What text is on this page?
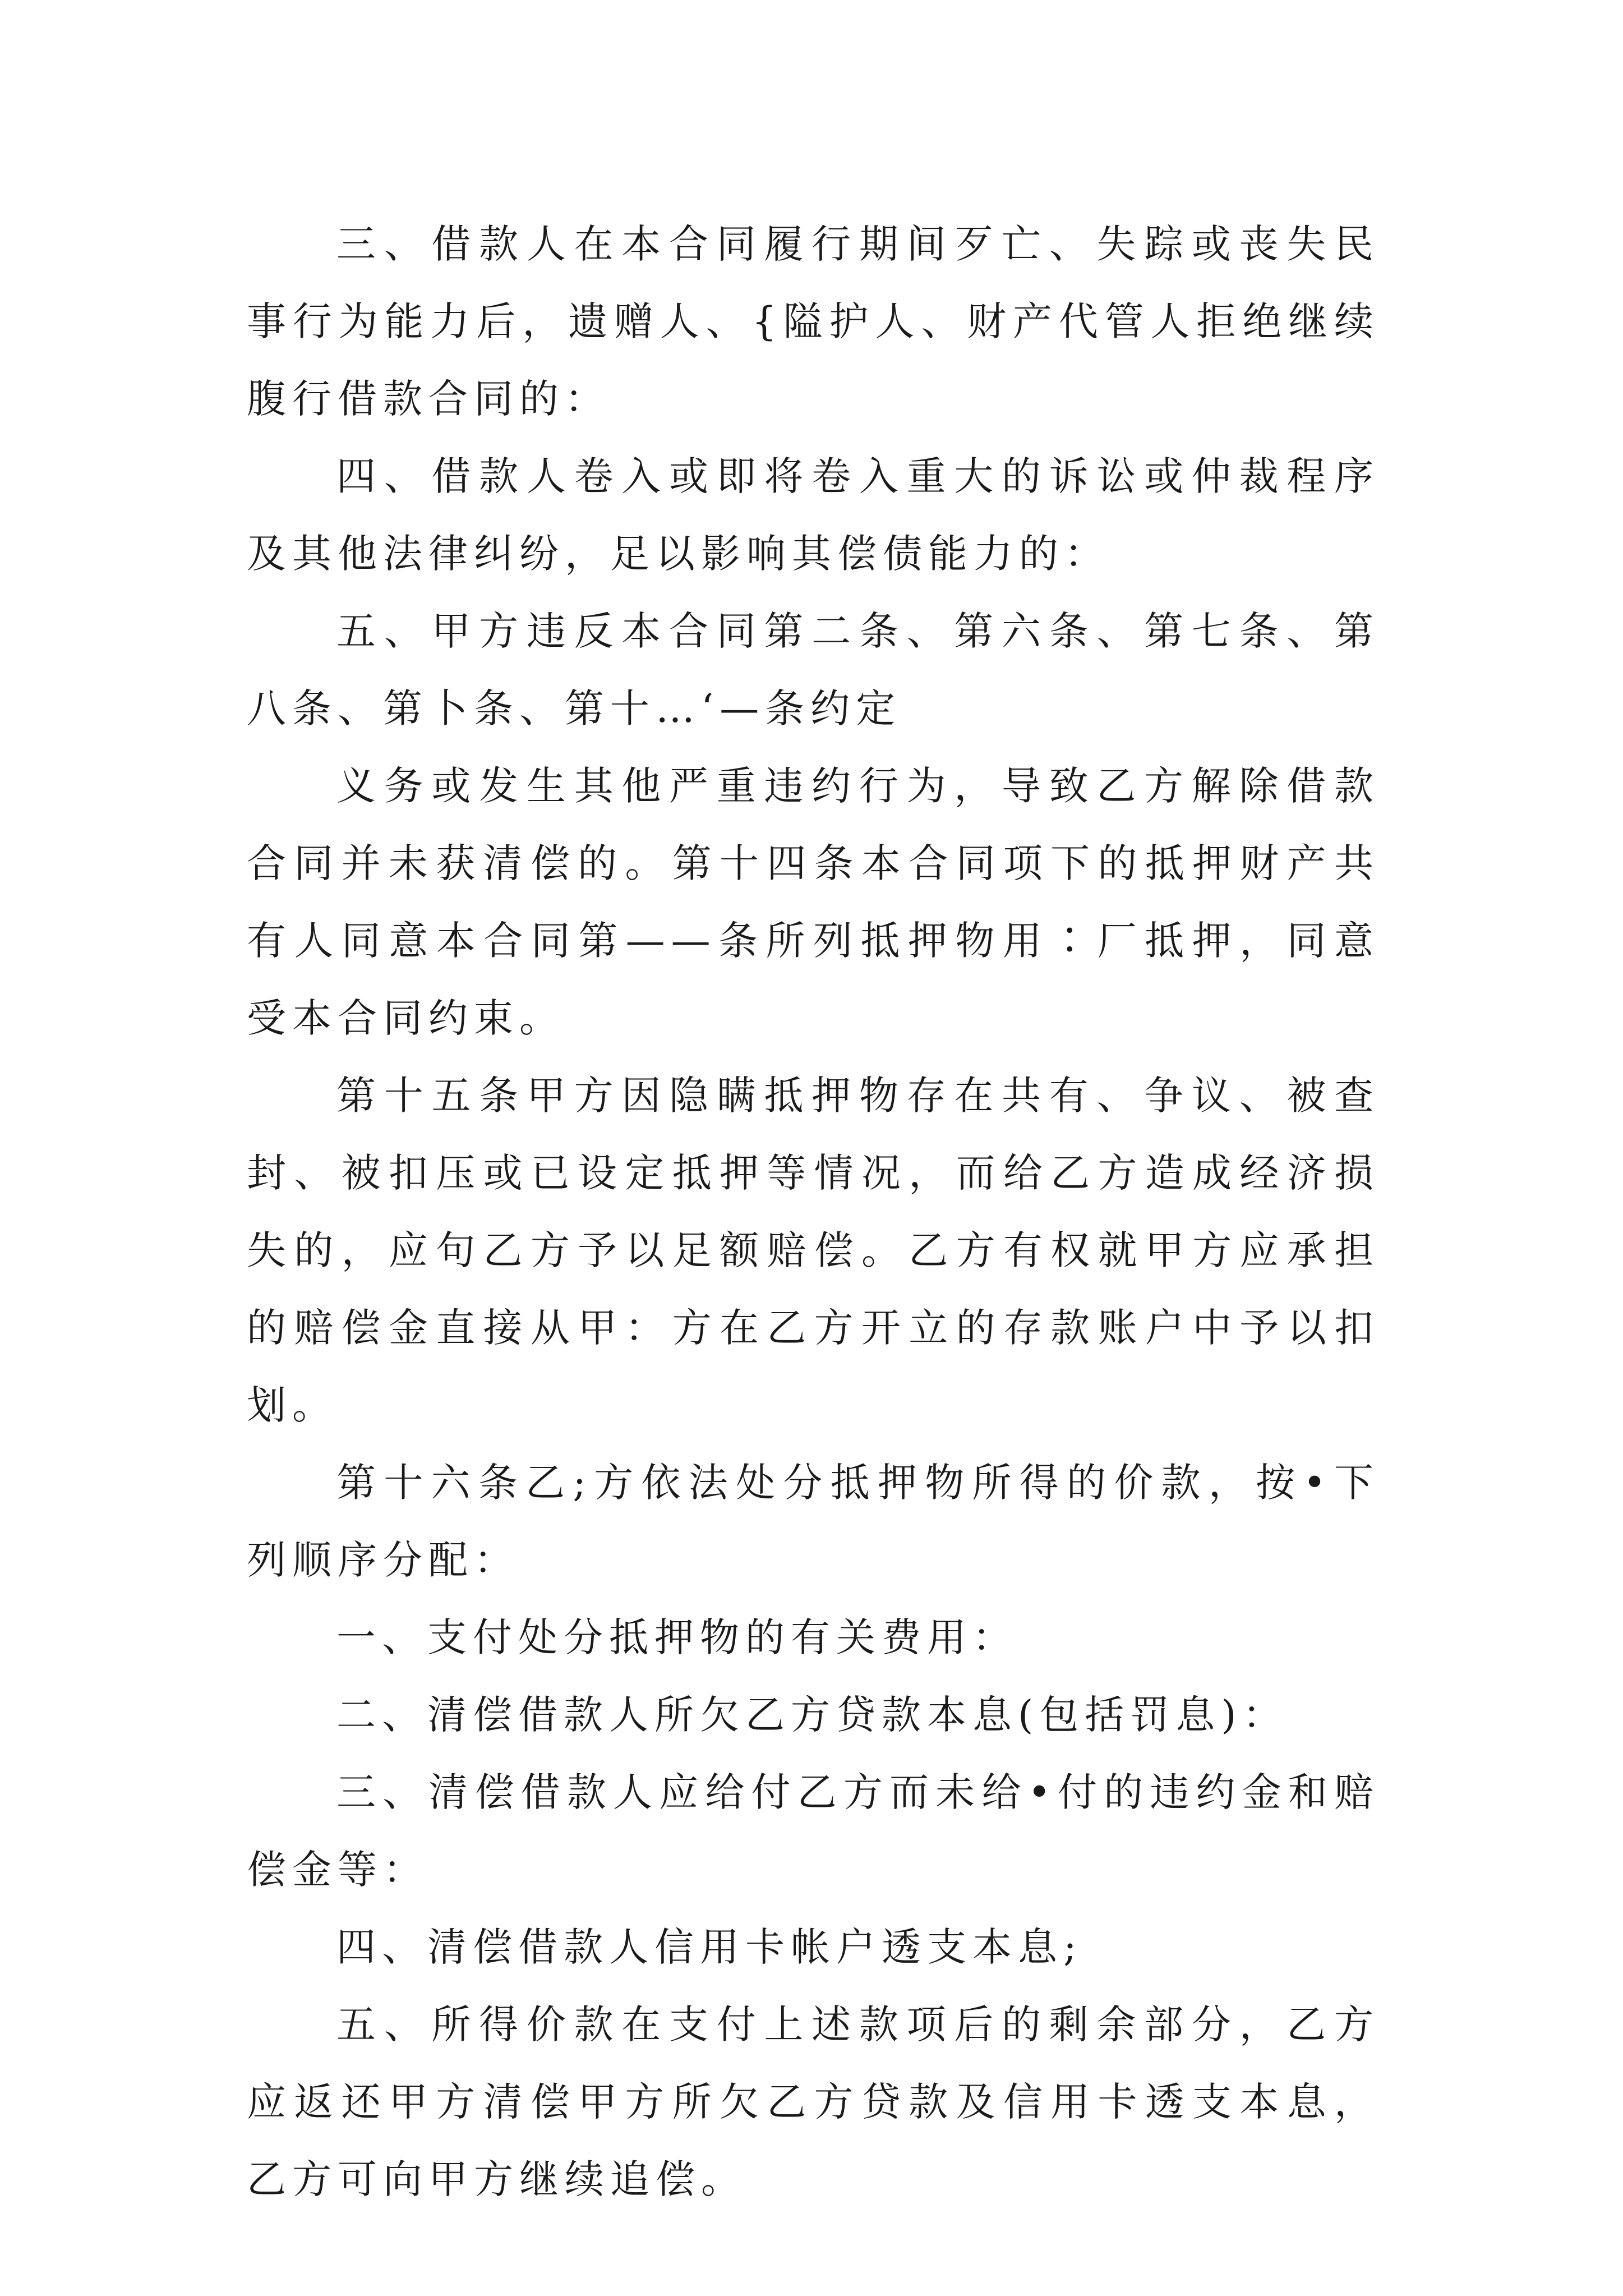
三、借款人在本合同履行期间歹亡、失踪或丧失民事行为能力后，遗赠人、{隘护人、财产代管人拒绝继续腹行借款合同的：

四、借款人卷入或即将卷入重大的诉讼或仲裁程序及其他法律纠纷，足以影响其偿债能力的：

五、甲方违反本合同第二条、第六条、第七条、第八条、第卜条、第十…‘—条约定

义务或发生其他严重违约行为，导致乙方解除借款合同并未获清偿的。第十四条本合同项下的抵押财产共有人同意本合同第——条所列抵押物用∶厂抵押，同意受本合同约束。

第十五条甲方因隐瞒抵押物存在共有、争议、被查封、被扣压或已设定抵押等情况，而给乙方造成经济损失的，应句乙方予以足额赔偿。乙方有权就甲方应承担的赔偿金直接从甲：方在乙方开立的存款账户中予以扣划。

第十六条乙;方依法处分抵押物所得的价款，按•下列顺序分配：

一、支付处分抵押物的有关费用：

二、清偿借款人所欠乙方贷款本息(包括罚息)：

三、清偿借款人应给付乙方而未给•付的违约金和赔偿金等：

四、清偿借款人信用卡帐户透支本息;

五、所得价款在支付上述款项后的剩余部分，乙方应返还甲方清偿甲方所欠乙方贷款及信用卡透支本息，乙方可向甲方继续追偿。
